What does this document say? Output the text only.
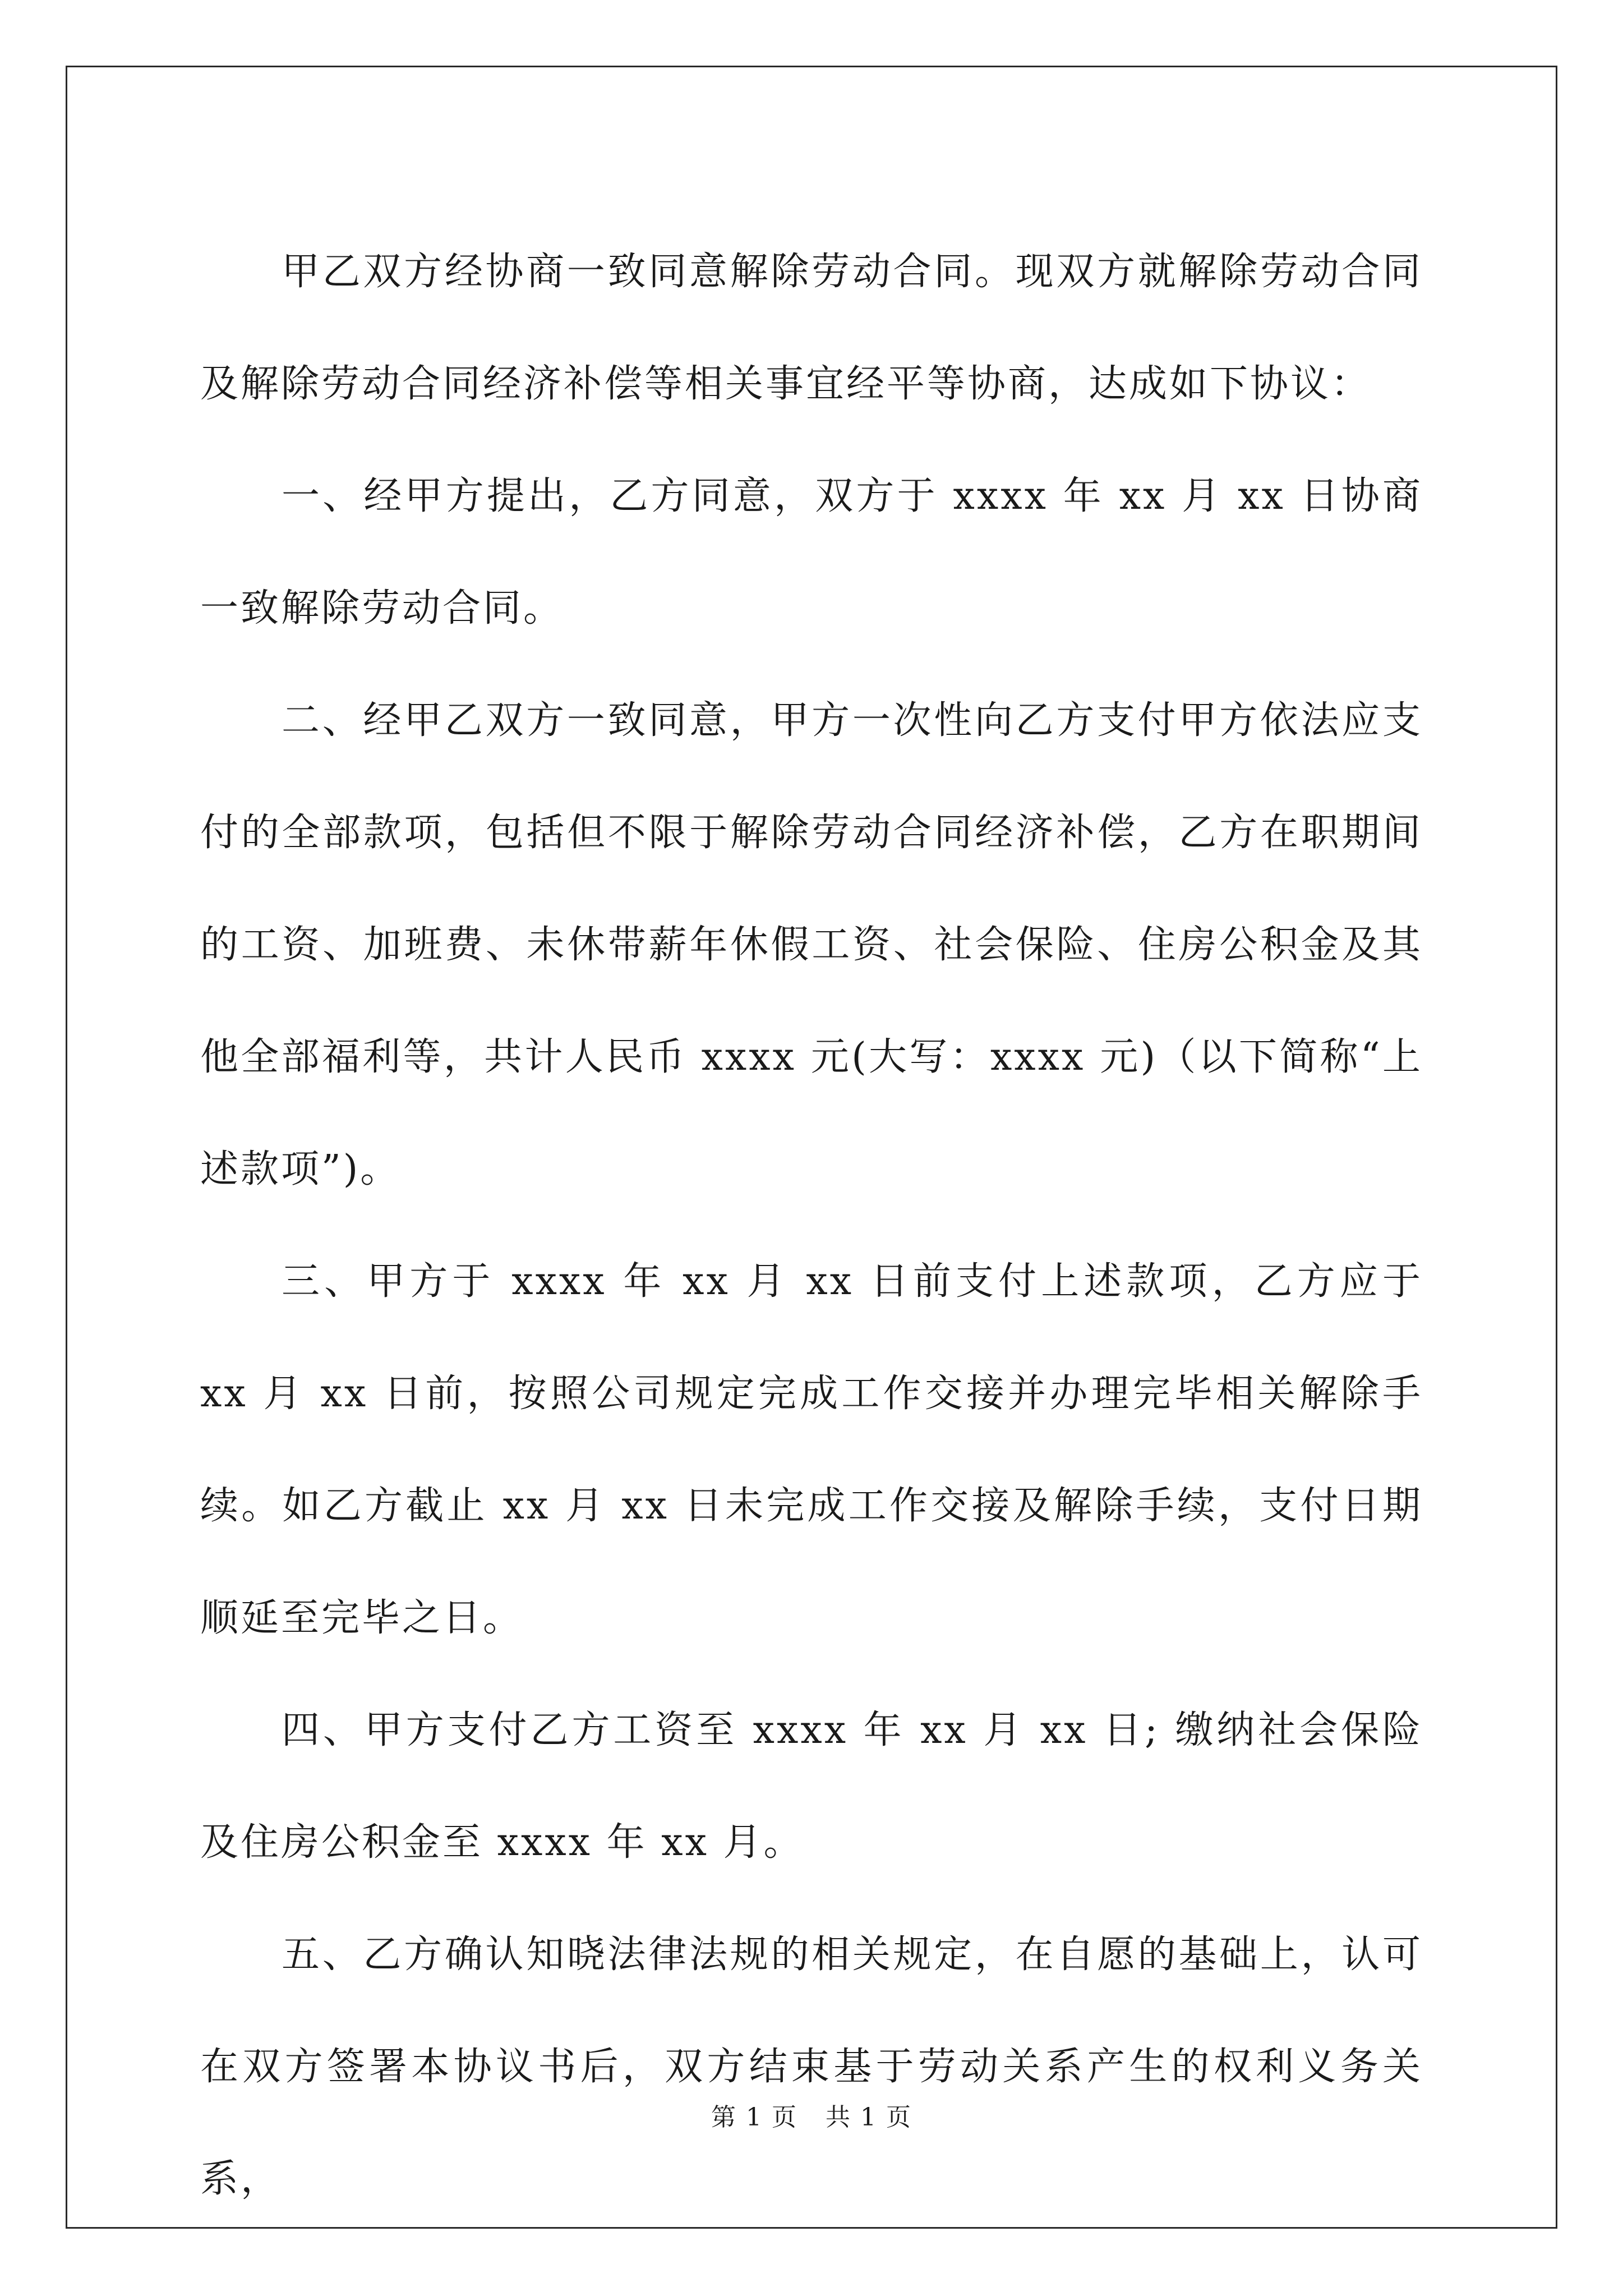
甲乙双方经协商一致同意解除劳动合同。现双方就解除劳动合同及解除劳动合同经济补偿等相关事宜经平等协商，达成如下协议：

一、经甲方提出，乙方同意，双方于 xxxx 年 xx 月 xx 日协商一致解除劳动合同。

二、经甲乙双方一致同意，甲方一次性向乙方支付甲方依法应支付的全部款项，包括但不限于解除劳动合同经济补偿，乙方在职期间的工资、加班费、未休带薪年休假工资、社会保险、住房公积金及其他全部福利等，共计人民币 xxxx 元(大写：xxxx 元)（以下简称“上述款项”)。

三、甲方于 xxxx 年 xx 月 xx 日前支付上述款项，乙方应于 xx 月 xx 日前，按照公司规定完成工作交接并办理完毕相关解除手续。如乙方截止 xx 月 xx 日未完成工作交接及解除手续，支付日期顺延至完毕之日。

四、甲方支付乙方工资至 xxxx 年 xx 月 xx 日; 缴纳社会保险及住房公积金至 xxxx 年 xx 月。

五、乙方确认知晓法律法规的相关规定，在自愿的基础上，认可在双方签署本协议书后，双方结束基于劳动关系产生的权利义务关系，

第 1 页 共 1 页
